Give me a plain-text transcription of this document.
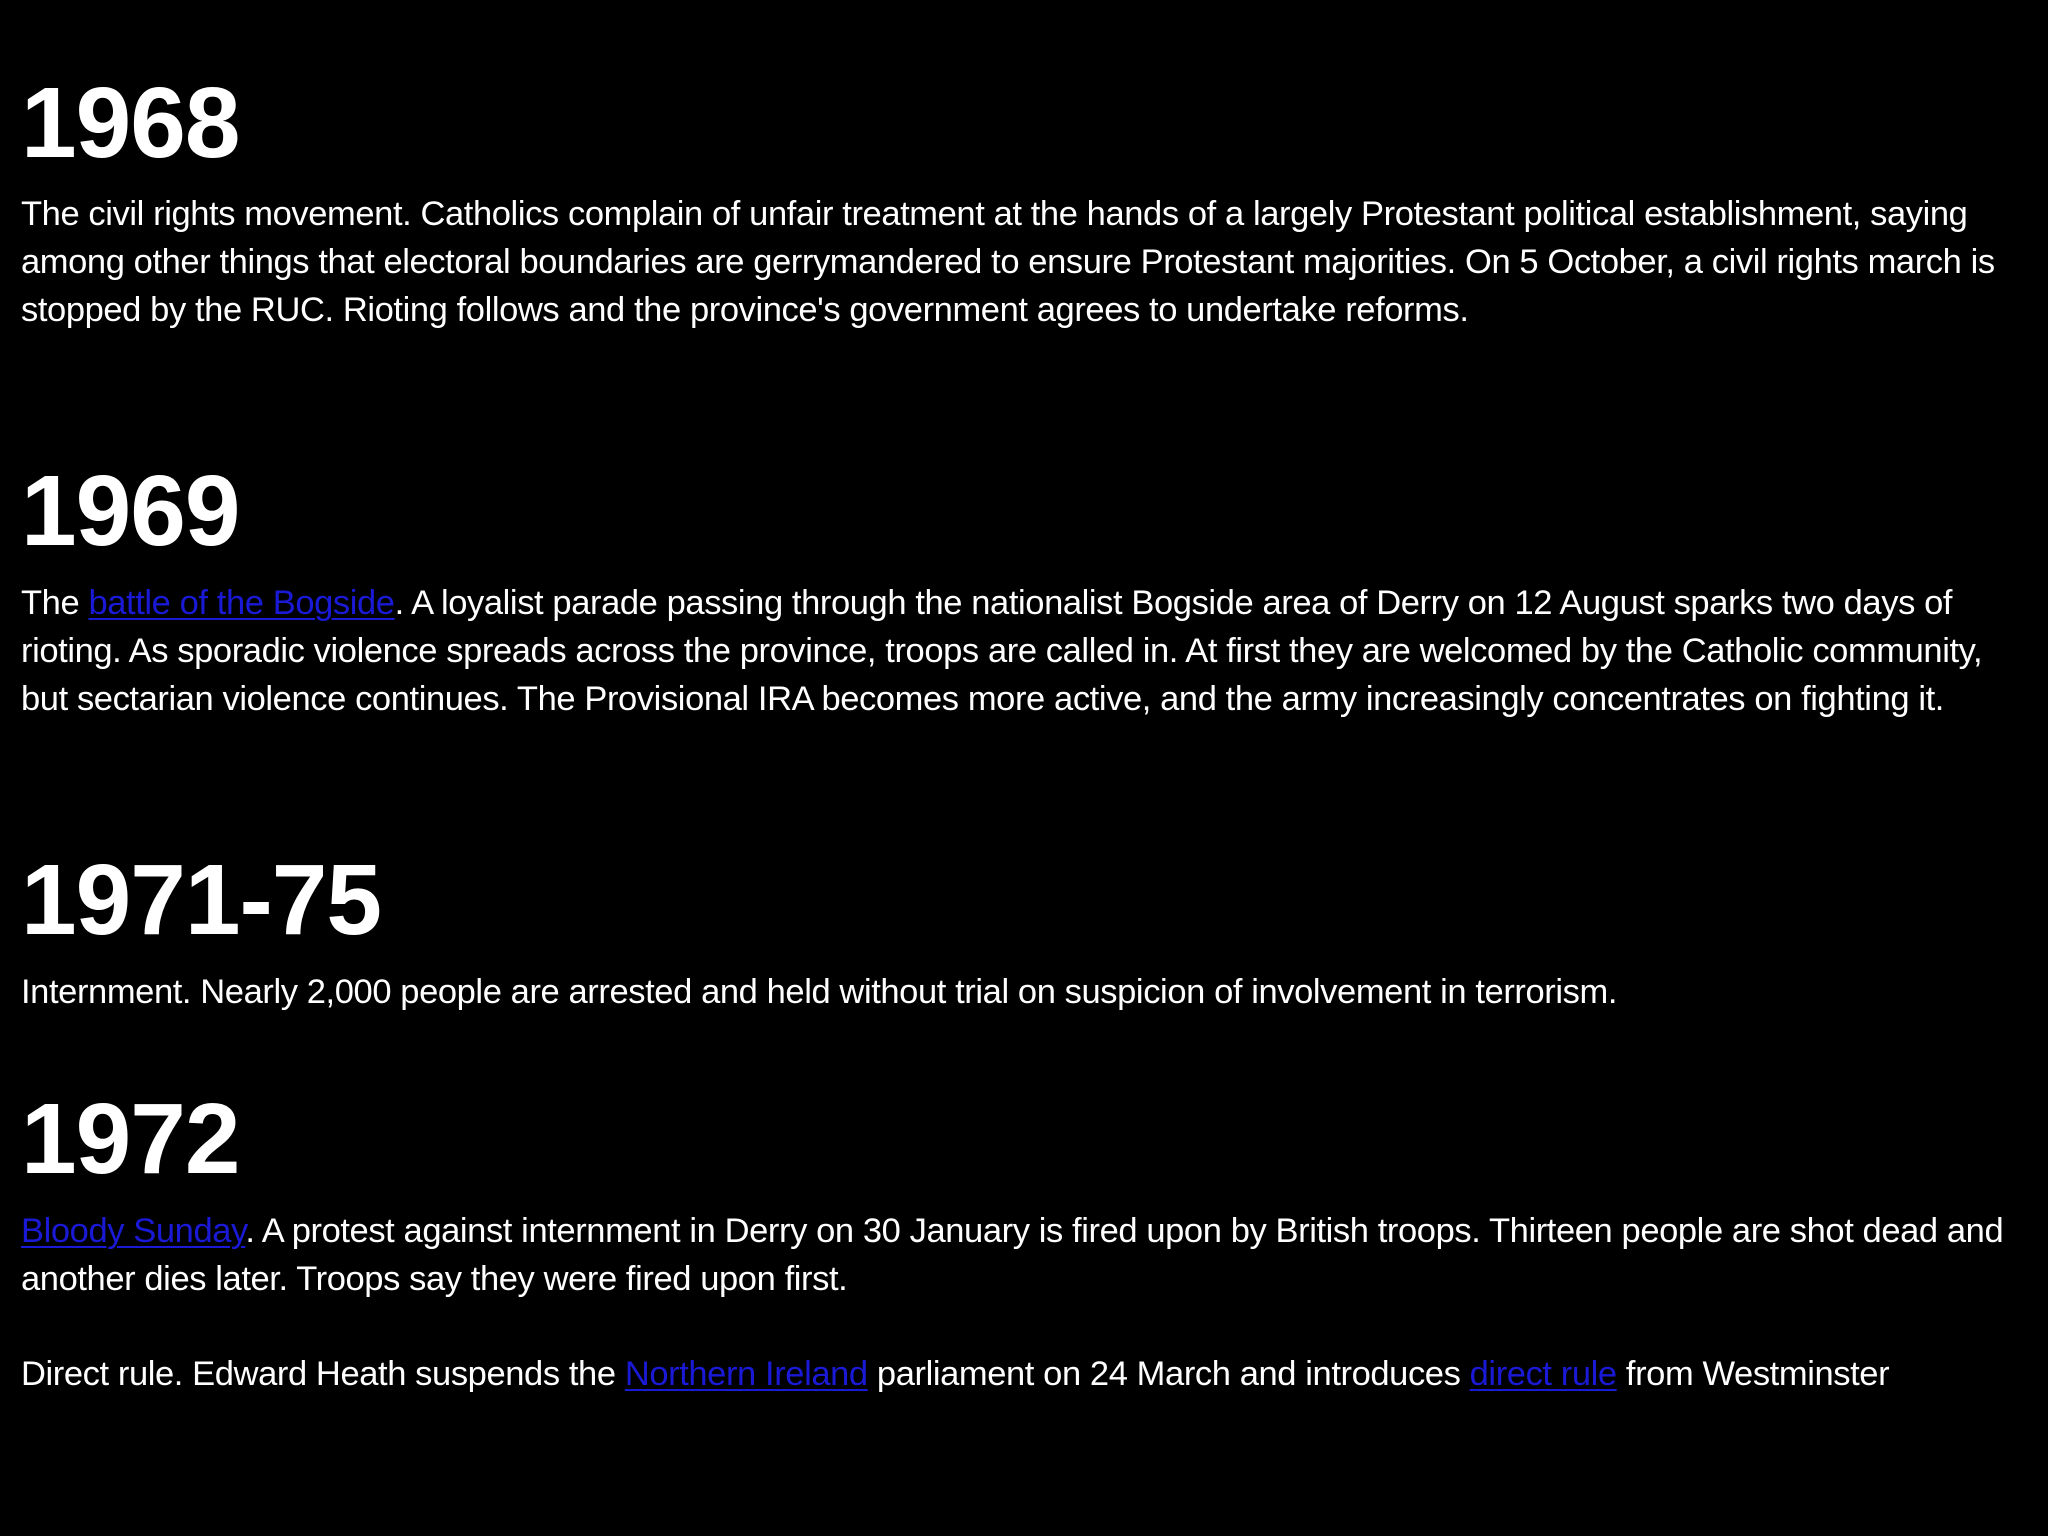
1968
The civil rights movement. Catholics complain of unfair treatment at the hands of a largely Protestant political establishment, saying among other things that electoral boundaries are gerrymandered to ensure Protestant majorities. On 5 October, a civil rights march is stopped by the RUC. Rioting follows and the province's government agrees to undertake reforms.
1969
The battle of the Bogside. A loyalist parade passing through the nationalist Bogside area of Derry on 12 August sparks two days of rioting. As sporadic violence spreads across the province, troops are called in. At first they are welcomed by the Catholic community, but sectarian violence continues. The Provisional IRA becomes more active, and the army increasingly concentrates on fighting it.
1971-75
Internment. Nearly 2,000 people are arrested and held without trial on suspicion of involvement in terrorism.
1972
Bloody Sunday. A protest against internment in Derry on 30 January is fired upon by British troops. Thirteen people are shot dead and another dies later. Troops say they were fired upon first.
Direct rule. Edward Heath suspends the Northern Ireland parliament on 24 March and introduces direct rule from Westminster
